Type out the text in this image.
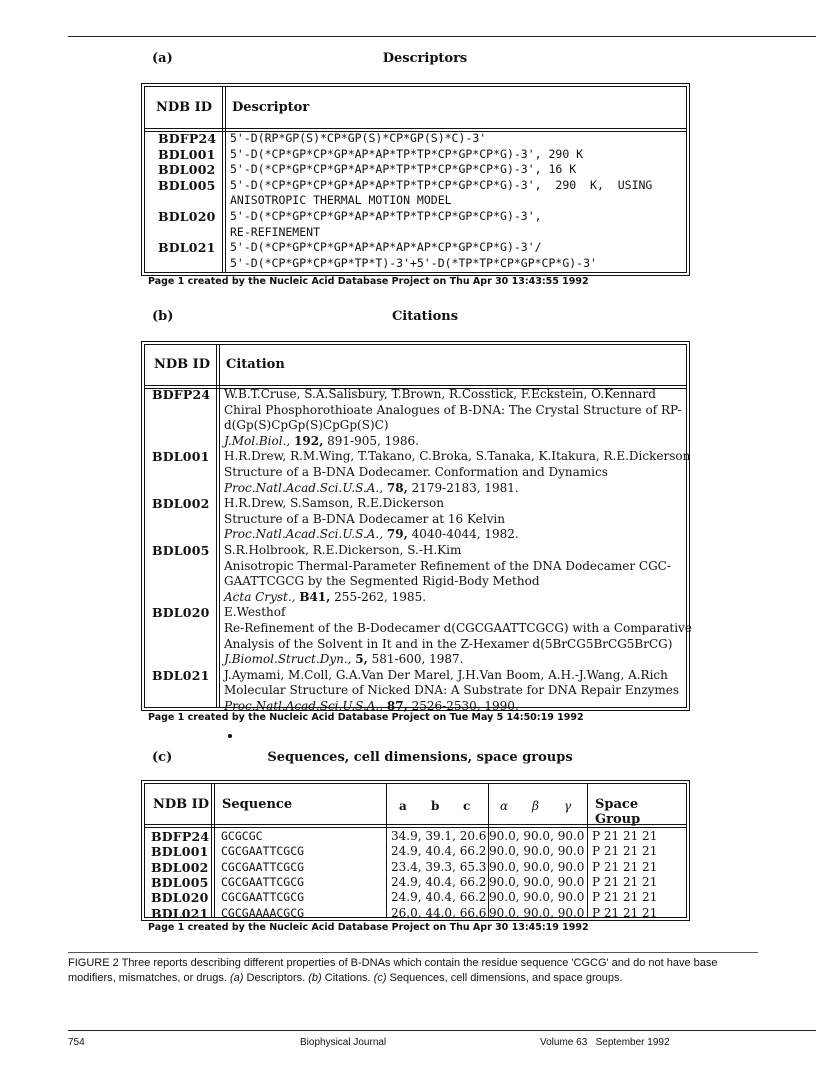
(a)	Descriptors
NDB ID Descriptor
BDFP24 5'-D(RP*GP(S)*CP*GP(S)*CP*GP(S)*C)-3'
BDL001 5'-D(*CP*GP*CP*GP*AP*AP*TP*TP*CP*GP*CP*G)-3', 290 K
BDL002 5'-D(*CP*GP*CP*GP*AP*AP*TP*TP*CP*GP*CP*G)-3', 16 K
BDL005 5'-D(*CP*GP*CP*GP*AP*AP*TP*TP*CP*GP*CP*G)-3',  290  K,  USING
ANISOTROPIC THERMAL MOTION MODEL
BDL020 5'-D(*CP*GP*CP*GP*AP*AP*TP*TP*CP*GP*CP*G)-3',
RE-REFINEMENT
BDL021 5'-D(*CP*GP*CP*GP*AP*AP*AP*AP*CP*GP*CP*G)-3'/
5'-D(*CP*GP*CP*GP*TP*T)-3'+5'-D(*TP*TP*CP*GP*CP*G)-3'
Page 1 created by the Nucleic Acid Database Project on Thu Apr 30 13:43:55 1992
(b)	Citations
NDB ID Citation
BDFP24 W.B.T.Cruse, S.A.Salisbury, T.Brown, R.Cosstick, F.Eckstein, O.Kennard
Chiral Phosphorothioate Analogues of B-DNA: The Crystal Structure of RP-
d(Gp(S)CpGp(S)CpGp(S)C)
J.Mol.Biol., 192, 891-905, 1986.
BDL001 H.R.Drew, R.M.Wing, T.Takano, C.Broka, S.Tanaka, K.Itakura, R.E.Dickerson
Structure of a B-DNA Dodecamer. Conformation and Dynamics
Proc.Natl.Acad.Sci.U.S.A., 78, 2179-2183, 1981.
BDL002 H.R.Drew, S.Samson, R.E.Dickerson
Structure of a B-DNA Dodecamer at 16 Kelvin
Proc.Natl.Acad.Sci.U.S.A., 79, 4040-4044, 1982.
BDL005 S.R.Holbrook, R.E.Dickerson, S.-H.Kim
Anisotropic Thermal-Parameter Refinement of the DNA Dodecamer CGC-
GAATTCGCG by the Segmented Rigid-Body Method
Acta Cryst., B41, 255-262, 1985.
BDL020 E.Westhof
Re-Refinement of the B-Dodecamer d(CGCGAATTCGCG) with a Comparative
Analysis of the Solvent in It and in the Z-Hexamer d(5BrCG5BrCG5BrCG)
J.Biomol.Struct.Dyn., 5, 581-600, 1987.
BDL021 J.Aymami, M.Coll, G.A.Van Der Marel, J.H.Van Boom, A.H.-J.Wang, A.Rich
Molecular Structure of Nicked DNA: A Substrate for DNA Repair Enzymes
Proc.Natl.Acad.Sci.U.S.A., 87, 2526-2530, 1990.
Page 1 created by the Nucleic Acid Database Project on Tue May 5 14:50:19 1992
(c)	Sequences, cell dimensions, space groups
NDB ID Sequence	a b c α β γ Space Group
BDFP24 GCGCGC	34.9, 39.1, 20.6 90.0, 90.0, 90.0 P 21 21 21
BDL001 CGCGAATTCGCG	24.9, 40.4, 66.2 90.0, 90.0, 90.0 P 21 21 21
BDL002 CGCGAATTCGCG	23.4, 39.3, 65.3 90.0, 90.0, 90.0 P 21 21 21
BDL005 CGCGAATTCGCG	24.9, 40.4, 66.2 90.0, 90.0, 90.0 P 21 21 21
BDL020 CGCGAATTCGCG	24.9, 40.4, 66.2 90.0, 90.0, 90.0 P 21 21 21
BDL021 CGCGAAAACGCG	26.0, 44.0, 66.6 90.0, 90.0, 90.0 P 21 21 21
Page 1 created by the Nucleic Acid Database Project on Thu Apr 30 13:45:19 1992
FIGURE 2 Three reports describing different properties of B-DNAs which contain the residue sequence 'CGCG' and do not have base modifiers, mismatches, or drugs. (a) Descriptors. (b) Citations. (c) Sequences, cell dimensions, and space groups.
754	Biophysical Journal	Volume 63   September 1992
